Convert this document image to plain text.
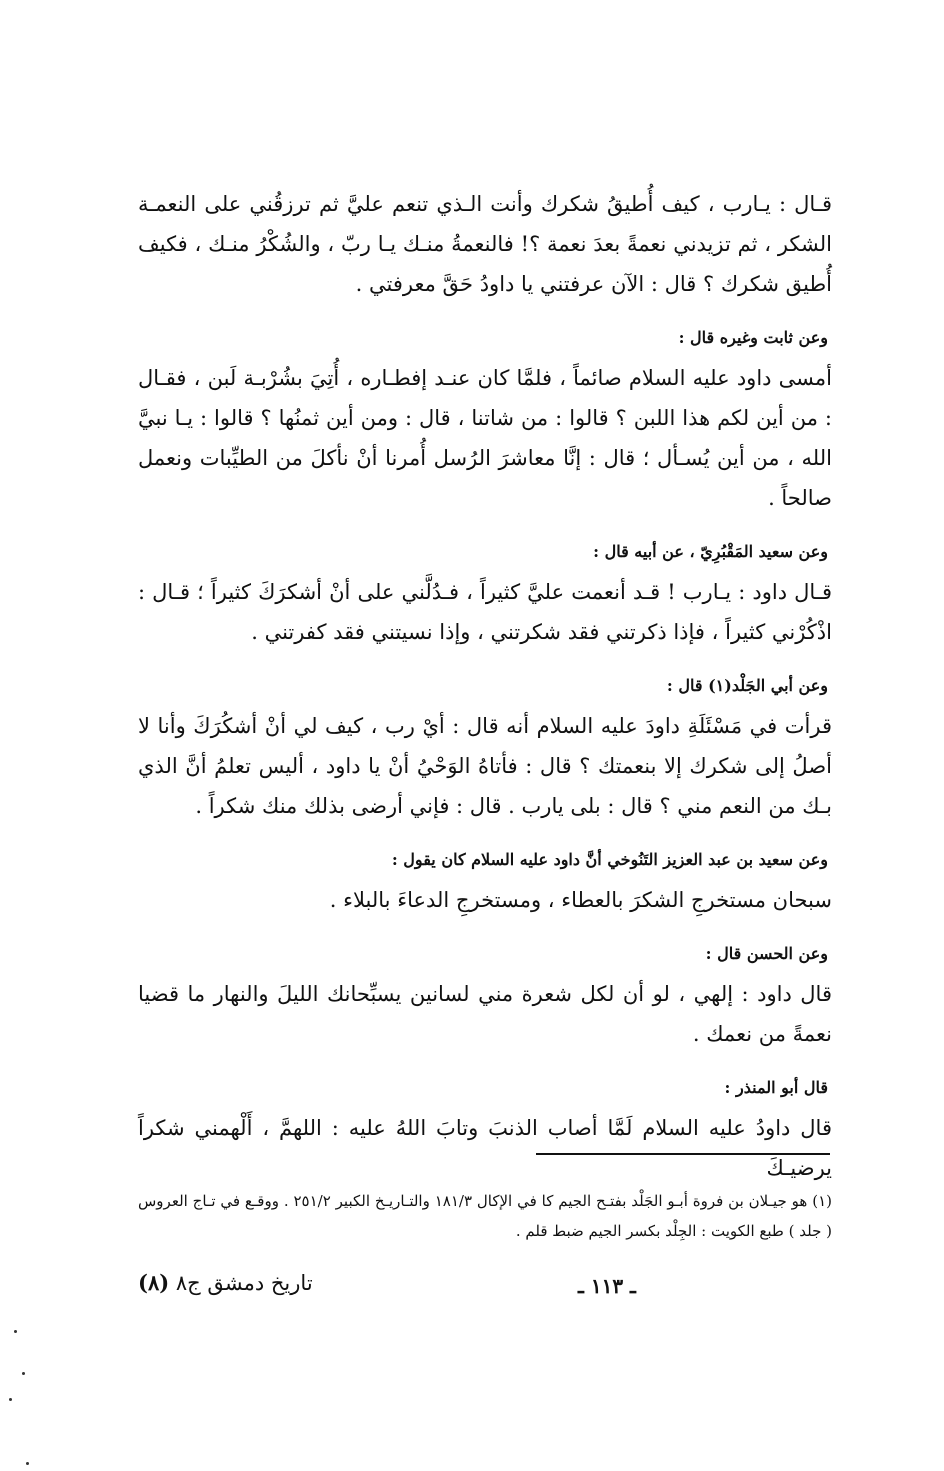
قـال : يـارب ، كيف أُطيقُ شكرك وأنت الـذي تنعم عليَّ ثم ترزقُني على النعمـة الشكر ، ثم تزيدني نعمةً بعدَ نعمة ؟! فالنعمةُ منـك يـا ربّ ، والشُكْرُ منـك ، فكيف أُطيق شكرك ؟ قال : الآن عرفتني يا داودُ حَقَّ معرفتي .

وعن ثابت وغيره قال :

أمسى داود عليه السلام صائماً ، فلمَّا كان عنـد إفطـاره ، أُتِيَ بشُرْبـة لَبن ، فقـال : من أين لكم هذا اللبن ؟ قالوا : من شاتنا ، قال : ومن أين ثمنُها ؟ قالوا : يـا نبيَّ الله ، من أين يُسـأل ؛ قال : إنَّا معاشرَ الرُسل أُمرنا أنْ نأكلَ من الطيِّبات ونعمل صالحاً .

وعن سعيد المَقْبُرِيّ ، عن أبيه قال :

قـال داود : يـارب ! قـد أنعمت عليَّ كثيراً ، فـدُلَّني على أنْ أشكرَكَ كثيراً ؛ قـال : اذْكُرْني كثيراً ، فإذا ذكرتني فقد شكرتني ، وإذا نسيتني فقد كفرتني .

وعن أبي الجَلْد(١) قال :

قرأت في مَسْئَلَةِ داودَ عليه السلام أنه قال : أيْ رب ، كيف لي أنْ أشكُرَكَ وأنا لا أصلُ إلى شكرك إلا بنعمتك ؟ قال : فأتاهُ الوَحْيُ أنْ يا داود ، أليس تعلمُ أنَّ الذي بـك من النعم مني ؟ قال : بلى يارب . قال : فإني أرضى بذلك منك شكراً .

وعن سعيد بن عبد العزيز التَنُوخي أنَّ داود عليه السلام كان يقول :

سبحان مستخرجِ الشكرَ بالعطاء ، ومستخرجِ الدعاءَ بالبلاء .

وعن الحسن قال :

قال داود : إلهي ، لو أن لكل شعرة مني لسانين يسبِّحانك الليلَ والنهار ما قضيا نعمةً من نعمك .

قال أبو المنذر :

قال داودُ عليه السلام لَمَّا أصاب الذنبَ وتابَ اللهُ عليه : اللهمَّ ، أَلْهمني شكراً يرضيـكَ

(١) هو جيـلان بن فروة أبـو الجَلْد بفتـح الجيم كا في الإكال ١٨١/٣ والتـاريـخ الكبير ٢٥١/٢ . ووقـع في تـاج العروس ( جلد ) طبع الكويت : الجِلْد بكسر الجيم ضبط قلم .
ـ ١١٣ ـ
تاريخ دمشق ج٨ (٨)
